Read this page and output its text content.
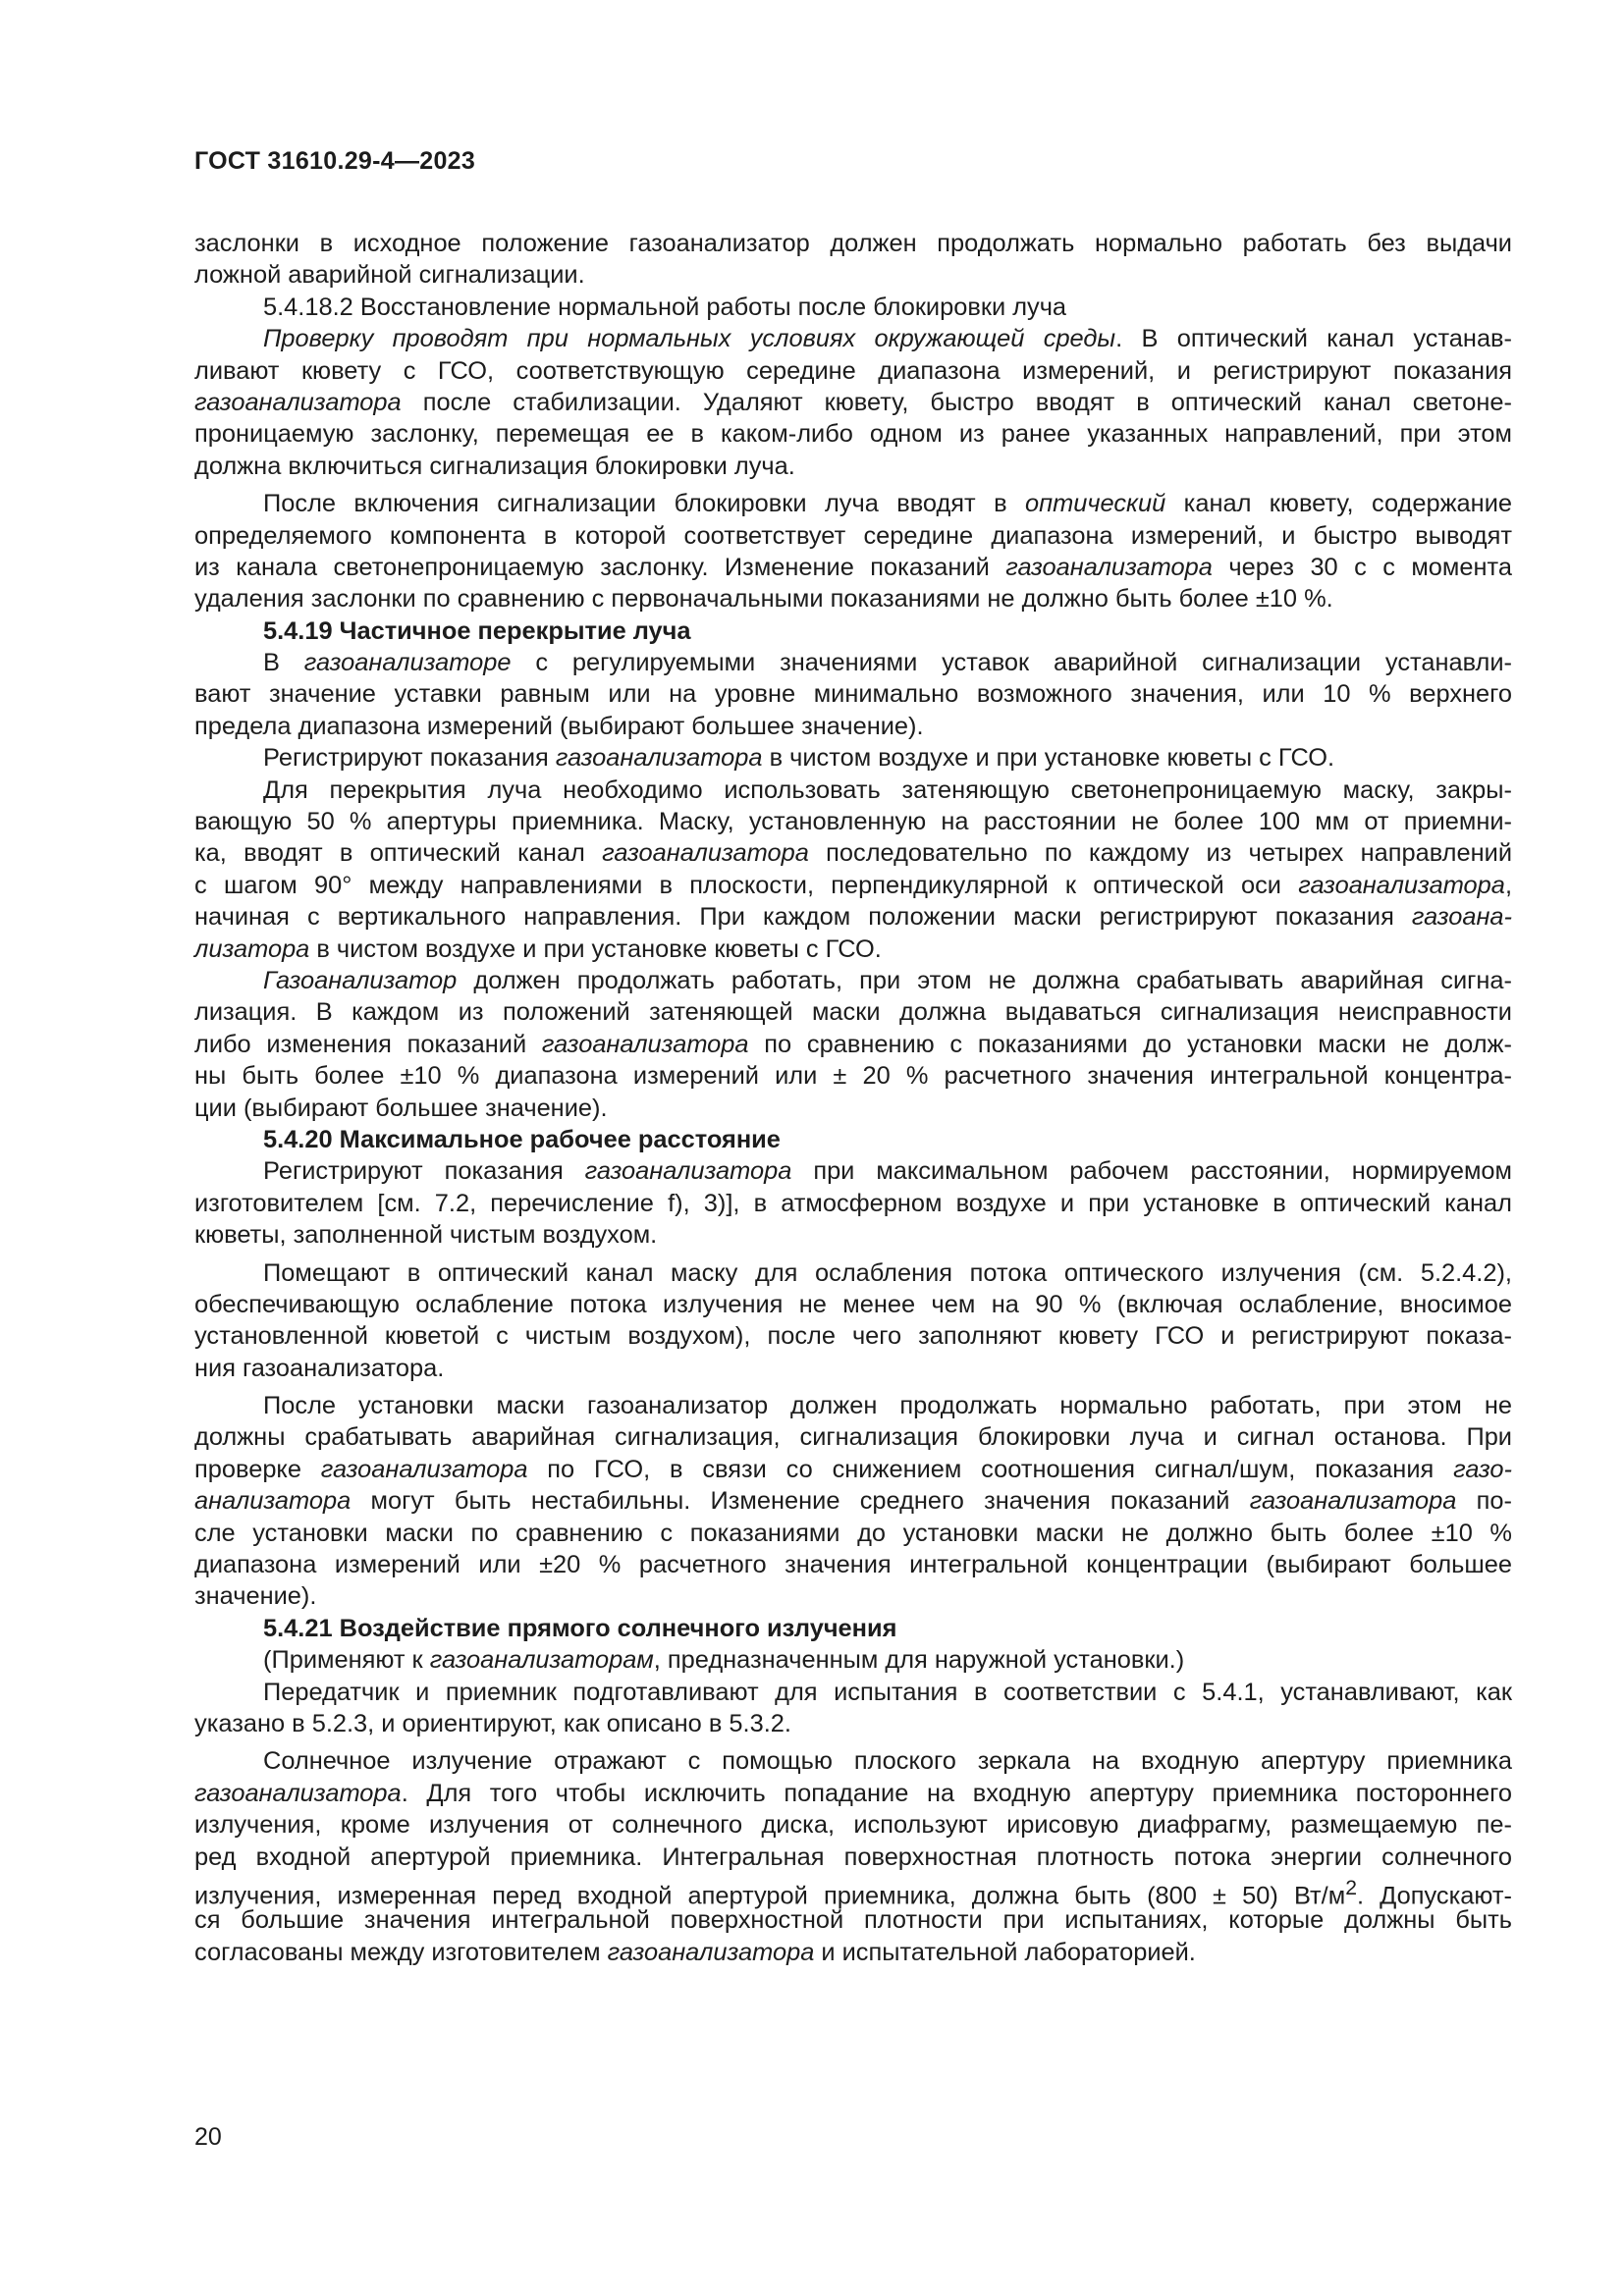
ГОСТ 31610.29-4—2023
заслонки в исходное положение газоанализатор должен продолжать нормально работать без выдачи
ложной аварийной сигнализации.
5.4.18.2 Восстановление нормальной работы после блокировки луча
Проверку проводят при нормальных условиях окружающей среды. В оптический канал устанав-
ливают кювету с ГСО, соответствующую середине диапазона измерений, и регистрируют показания
газоанализатора после стабилизации. Удаляют кювету, быстро вводят в оптический канал светоне-
проницаемую заслонку, перемещая ее в каком-либо одном из ранее указанных направлений, при этом
должна включиться сигнализация блокировки луча.
После включения сигнализации блокировки луча вводят в оптический канал кювету, содержание
определяемого компонента в которой соответствует середине диапазона измерений, и быстро выводят
из канала светонепроницаемую заслонку. Изменение показаний газоанализатора через 30 с с момента
удаления заслонки по сравнению с первоначальными показаниями не должно быть более ±10 %.
5.4.19 Частичное перекрытие луча
В газоанализаторе с регулируемыми значениями уставок аварийной сигнализации устанавли-
вают значение уставки равным или на уровне минимально возможного значения, или 10 % верхнего
предела диапазона измерений (выбирают большее значение).
Регистрируют показания газоанализатора в чистом воздухе и при установке кюветы с ГСО.
Для перекрытия луча необходимо использовать затеняющую светонепроницаемую маску, закры-
вающую 50 % апертуры приемника. Маску, установленную на расстоянии не более 100 мм от приемни-
ка, вводят в оптический канал газоанализатора последовательно по каждому из четырех направлений
с шагом 90° между направлениями в плоскости, перпендикулярной к оптической оси газоанализатора,
начиная с вертикального направления. При каждом положении маски регистрируют показания газоана-
лизатора в чистом воздухе и при установке кюветы с ГСО.
Газоанализатор должен продолжать работать, при этом не должна срабатывать аварийная сигна-
лизация. В каждом из положений затеняющей маски должна выдаваться сигнализация неисправности
либо изменения показаний газоанализатора по сравнению с показаниями до установки маски не долж-
ны быть более ±10 % диапазона измерений или ± 20 % расчетного значения интегральной концентра-
ции (выбирают большее значение).
5.4.20 Максимальное рабочее расстояние
Регистрируют показания газоанализатора при максимальном рабочем расстоянии, нормируемом
изготовителем [см. 7.2, перечисление f), 3)], в атмосферном воздухе и при установке в оптический канал
кюветы, заполненной чистым воздухом.
Помещают в оптический канал маску для ослабления потока оптического излучения (см. 5.2.4.2),
обеспечивающую ослабление потока излучения не менее чем на 90 % (включая ослабление, вносимое
установленной кюветой с чистым воздухом), после чего заполняют кювету ГСО и регистрируют показа-
ния газоанализатора.
После установки маски газоанализатор должен продолжать нормально работать, при этом не
должны срабатывать аварийная сигнализация, сигнализация блокировки луча и сигнал останова. При
проверке газоанализатора по ГСО, в связи со снижением соотношения сигнал/шум, показания газо-
анализатора могут быть нестабильны. Изменение среднего значения показаний газоанализатора по-
сле установки маски по сравнению с показаниями до установки маски не должно быть более ±10 %
диапазона измерений или ±20 % расчетного значения интегральной концентрации (выбирают большее
значение).
5.4.21 Воздействие прямого солнечного излучения
(Применяют к газоанализаторам, предназначенным для наружной установки.)
Передатчик и приемник подготавливают для испытания в соответствии с 5.4.1, устанавливают, как
указано в 5.2.3, и ориентируют, как описано в 5.3.2.
Солнечное излучение отражают с помощью плоского зеркала на входную апертуру приемника
газоанализатора. Для того чтобы исключить попадание на входную апертуру приемника постороннего
излучения, кроме излучения от солнечного диска, используют ирисовую диафрагму, размещаемую пе-
ред входной апертурой приемника. Интегральная поверхностная плотность потока энергии солнечного
излучения, измеренная перед входной апертурой приемника, должна быть (800 ± 50) $Вт/м^2$. Допускают-
ся большие значения интегральной поверхностной плотности при испытаниях, которые должны быть
согласованы между изготовителем газоанализатора и испытательной лабораторией.
20
